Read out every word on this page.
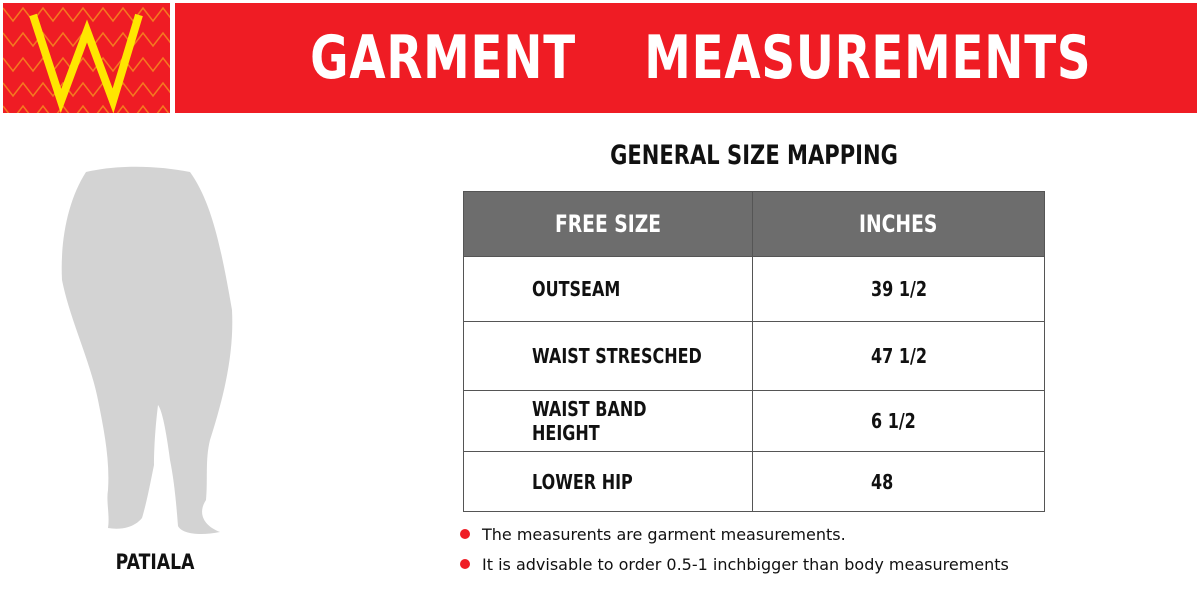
GARMENT    MEASUREMENTS
PATIALA
GENERAL SIZE MAPPING
FREE SIZE	INCHES
OUTSEAM	39 1/2
WAIST STRESCHED	47 1/2
WAIST BAND HEIGHT	6 1/2
LOWER HIP	48
The measurents are garment measurements.
It is advisable to order 0.5-1 inchbigger than body measurements
